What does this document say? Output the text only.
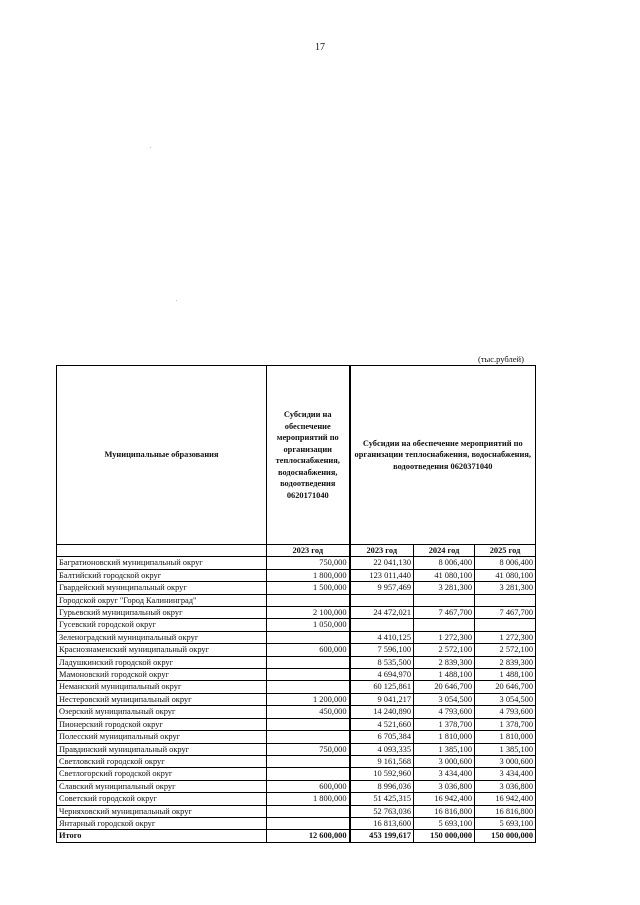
17
(тыс.рублей)
Муниципальные образования	Субсидии на обеспечение мероприятий по организации теплоснабжения, водоснабжения, водоотведения 0620171040	Субсидии на обеспечение мероприятий по организации теплоснабжения, водоснабжения, водоотведения 0620371040		
	2023 год	2023 год	2024 год	2025 год
Багратионовский муниципальный округ	750,000	22 041,130	8 006,400	8 006,400
Балтийский городской округ	1 800,000	123 011,440	41 080,100	41 080,100
Гвардейский муниципальный округ	1 500,000	9 957,469	3 281,300	3 281,300
Городской округ "Город Калининград"				
Гурьевский муниципальный округ	2 100,000	24 472,021	7 467,700	7 467,700
Гусевский городской округ	1 050,000			
Зеленоградский муниципальный округ		4 410,125	1 272,300	1 272,300
Краснознаменский муниципальный округ	600,000	7 596,100	2 572,100	2 572,100
Ладушкинский городской округ		8 535,500	2 839,300	2 839,300
Мамоновский городской округ		4 694,970	1 488,100	1 488,100
Неманский муниципальный округ		60 125,861	20 646,700	20 646,700
Нестеровский муниципальный округ	1 200,000	9 041,217	3 054,500	3 054,500
Озерский муниципальный округ	450,000	14 240,890	4 793,600	4 793,600
Пионерский городской округ		4 521,660	1 378,700	1 378,700
Полесский муниципальный округ		6 705,384	1 810,000	1 810,000
Правдинский муниципальный округ	750,000	4 093,335	1 385,100	1 385,100
Светловский городской округ		9 161,568	3 000,600	3 000,600
Светлогорский городской округ		10 592,960	3 434,400	3 434,400
Славский муниципальный округ	600,000	8 996,036	3 036,800	3 036,800
Советский городской округ	1 800,000	51 425,315	16 942,400	16 942,400
Черняховский муниципальный округ		52 763,036	16 816,800	16 816,800
Янтарный городской округ		16 813,600	5 693,100	5 693,100
Итого	12 600,000	453 199,617	150 000,000	150 000,000
